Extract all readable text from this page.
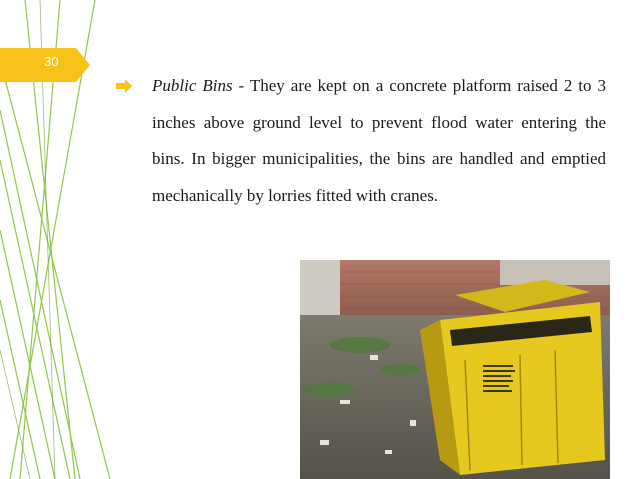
30

Public Bins - They are kept on a concrete platform raised 2 to 3 inches above ground level to prevent flood water entering the bins. In bigger municipalities, the bins are handled and emptied mechanically by lorries fitted with cranes.
